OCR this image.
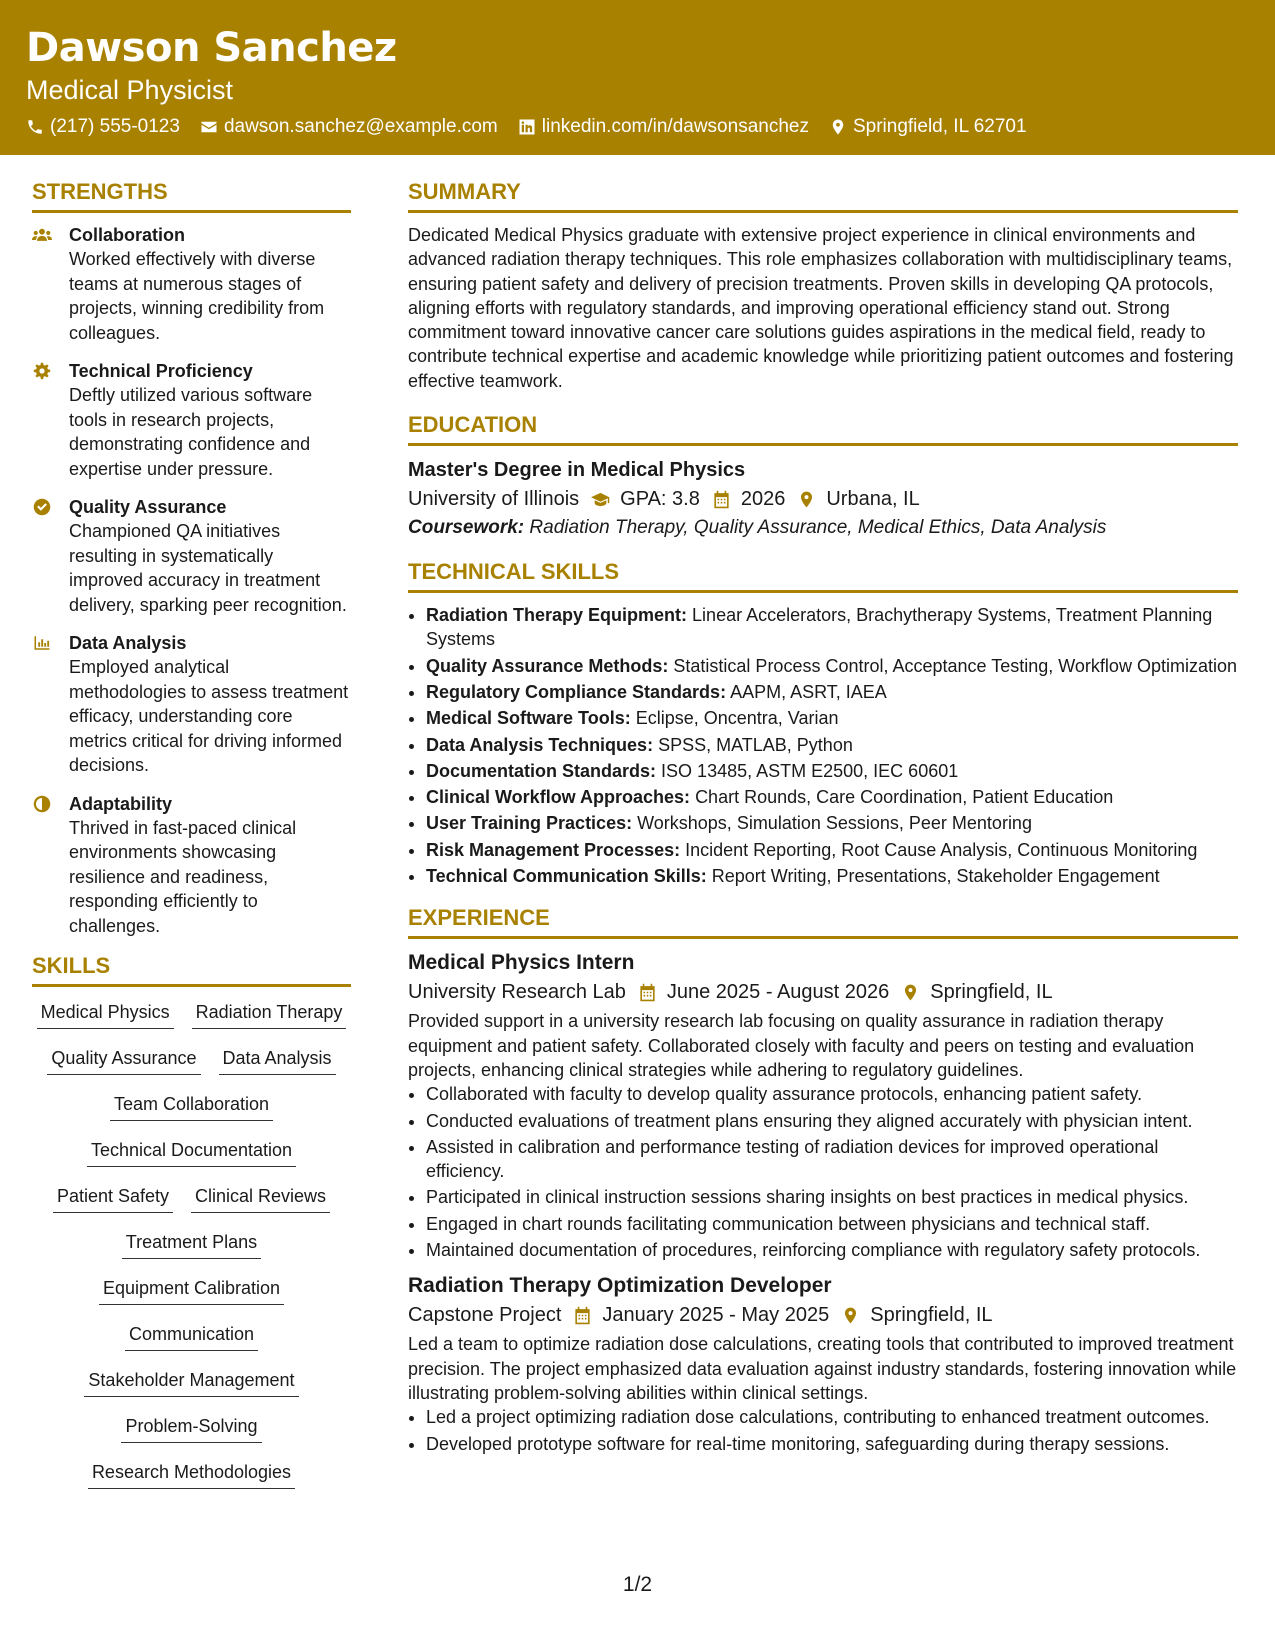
Dawson Sanchez
Medical Physicist
(217) 555-0123 dawson.sanchez@example.com linkedin.com/in/dawsonsanchez Springfield, IL 62701
STRENGTHS
Collaboration
Worked effectively with diverse teams at numerous stages of projects, winning credibility from colleagues.
Technical Proficiency
Deftly utilized various software tools in research projects, demonstrating confidence and expertise under pressure.
Quality Assurance
Championed QA initiatives resulting in systematically improved accuracy in treatment delivery, sparking peer recognition.
Data Analysis
Employed analytical methodologies to assess treatment efficacy, understanding core metrics critical for driving informed decisions.
Adaptability
Thrived in fast-paced clinical environments showcasing resilience and readiness, responding efficiently to challenges.
SKILLS
Medical Physics Radiation Therapy
Quality Assurance Data Analysis
Team Collaboration
Technical Documentation
Patient Safety Clinical Reviews
Treatment Plans
Equipment Calibration
Communication
Stakeholder Management
Problem-Solving
Research Methodologies
SUMMARY
Dedicated Medical Physics graduate with extensive project experience in clinical environments and advanced radiation therapy techniques. This role emphasizes collaboration with multidisciplinary teams, ensuring patient safety and delivery of precision treatments. Proven skills in developing QA protocols, aligning efforts with regulatory standards, and improving operational efficiency stand out. Strong commitment toward innovative cancer care solutions guides aspirations in the medical field, ready to contribute technical expertise and academic knowledge while prioritizing patient outcomes and fostering effective teamwork.
EDUCATION
Master's Degree in Medical Physics
University of Illinois GPA: 3.8 2026 Urbana, IL
Coursework: Radiation Therapy, Quality Assurance, Medical Ethics, Data Analysis
TECHNICAL SKILLS
• Radiation Therapy Equipment: Linear Accelerators, Brachytherapy Systems, Treatment Planning Systems
• Quality Assurance Methods: Statistical Process Control, Acceptance Testing, Workflow Optimization
• Regulatory Compliance Standards: AAPM, ASRT, IAEA
• Medical Software Tools: Eclipse, Oncentra, Varian
• Data Analysis Techniques: SPSS, MATLAB, Python
• Documentation Standards: ISO 13485, ASTM E2500, IEC 60601
• Clinical Workflow Approaches: Chart Rounds, Care Coordination, Patient Education
• User Training Practices: Workshops, Simulation Sessions, Peer Mentoring
• Risk Management Processes: Incident Reporting, Root Cause Analysis, Continuous Monitoring
• Technical Communication Skills: Report Writing, Presentations, Stakeholder Engagement
EXPERIENCE
Medical Physics Intern
University Research Lab June 2025 - August 2026 Springfield, IL
Provided support in a university research lab focusing on quality assurance in radiation therapy equipment and patient safety. Collaborated closely with faculty and peers on testing and evaluation projects, enhancing clinical strategies while adhering to regulatory guidelines.
• Collaborated with faculty to develop quality assurance protocols, enhancing patient safety.
• Conducted evaluations of treatment plans ensuring they aligned accurately with physician intent.
• Assisted in calibration and performance testing of radiation devices for improved operational efficiency.
• Participated in clinical instruction sessions sharing insights on best practices in medical physics.
• Engaged in chart rounds facilitating communication between physicians and technical staff.
• Maintained documentation of procedures, reinforcing compliance with regulatory safety protocols.
Radiation Therapy Optimization Developer
Capstone Project January 2025 - May 2025 Springfield, IL
Led a team to optimize radiation dose calculations, creating tools that contributed to improved treatment precision. The project emphasized data evaluation against industry standards, fostering innovation while illustrating problem-solving abilities within clinical settings.
• Led a project optimizing radiation dose calculations, contributing to enhanced treatment outcomes.
• Developed prototype software for real-time monitoring, safeguarding during therapy sessions.
1/2
